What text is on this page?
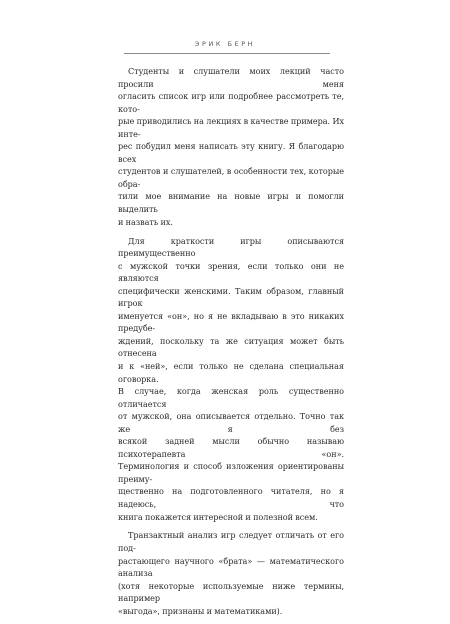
ЭРИК БЕРН

Студенты и слушатели моих лекций часто просили меня
огласить список игр или подробнее рассмотреть те, кото-
рые приводились на лекциях в качестве примера. Их интe-
рес побудил меня написать эту книгу. Я благодарю всех
студентов и слушателей, в особенности тех, которые обра-
тили мое внимание на новые игры и помогли выделить
и назвать их.

Для краткости игры описываются преимущественно
с мужской точки зрения, если только они не являются
специфически женскими. Таким образом, главный игрок
именуется «он», но я не вкладываю в это никаких предубе-
ждений, поскольку та же ситуация может быть отнесена
и к «ней», если только не сделана специальная оговорка.
В случае, когда женская роль существенно отличается
от мужской, она описывается отдельно. Точно так же я без
всякой задней мысли обычно называю психотерапевта «он».
Терминология и способ изложения ориентированы преиму-
щественно на подготовленного читателя, но я надеюсь, что
книга покажется интересной и полезной всем.

Транзактный анализ игр следует отличать от его под-
растающего научного «брата» — математического анализа
(хотя некоторые используемые ниже термины, например
«выгода», признаны и математиками).
